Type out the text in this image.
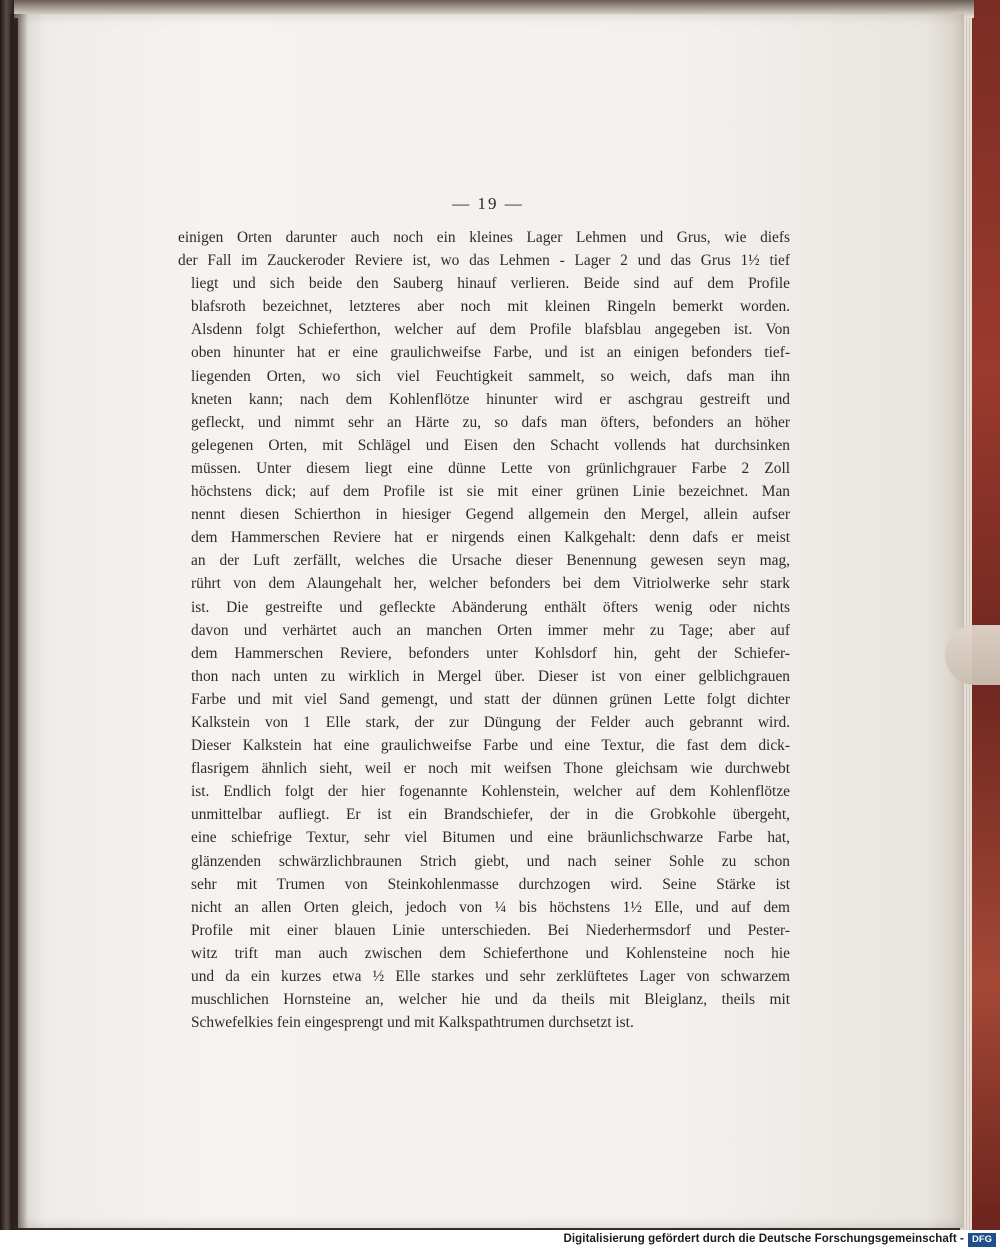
— 19 —
einigen Orten darunter auch noch ein kleines Lager Lehmen und Grus, wie diefs
der Fall im Zauckeroder Reviere ist, wo das Lehmen - Lager 2 und das Grus 1½ tief
liegt und sich beide den Sauberg hinauf verlieren. Beide sind auf dem Profile
blafsroth bezeichnet, letzteres aber noch mit kleinen Ringeln bemerkt worden.
Alsdenn folgt Schieferthon, welcher auf dem Profile blafsblau angegeben ist. Von
oben hinunter hat er eine graulichweifse Farbe, und ist an einigen befonders tief-
liegenden Orten, wo sich viel Feuchtigkeit sammelt, so weich, dafs man ihn
kneten kann; nach dem Kohlenflötze hinunter wird er aschgrau gestreift und
gefleckt, und nimmt sehr an Härte zu, so dafs man öfters, befonders an höher
gelegenen Orten, mit Schlägel und Eisen den Schacht vollends hat durchsinken
müssen. Unter diesem liegt eine dünne Lette von grünlichgrauer Farbe 2 Zoll
höchstens dick; auf dem Profile ist sie mit einer grünen Linie bezeichnet. Man
nennt diesen Schierthon in hiesiger Gegend allgemein den Mergel, allein aufser
dem Hammerschen Reviere hat er nirgends einen Kalkgehalt: denn dafs er meist
an der Luft zerfällt, welches die Ursache dieser Benennung gewesen seyn mag,
rührt von dem Alaungehalt her, welcher befonders bei dem Vitriolwerke sehr stark
ist. Die gestreifte und gefleckte Abänderung enthält öfters wenig oder nichts
davon und verhärtet auch an manchen Orten immer mehr zu Tage; aber auf
dem Hammerschen Reviere, befonders unter Kohlsdorf hin, geht der Schiefer-
thon nach unten zu wirklich in Mergel über. Dieser ist von einer gelblichgrauen
Farbe und mit viel Sand gemengt, und statt der dünnen grünen Lette folgt dichter
Kalkstein von 1 Elle stark, der zur Düngung der Felder auch gebrannt wird.
Dieser Kalkstein hat eine graulichweifse Farbe und eine Textur, die fast dem dick-
flasrigem ähnlich sieht, weil er noch mit weifsen Thone gleichsam wie durchwebt
ist. Endlich folgt der hier fogenannte Kohlenstein, welcher auf dem Kohlenflötze
unmittelbar aufliegt. Er ist ein Brandschiefer, der in die Grobkohle übergeht,
eine schiefrige Textur, sehr viel Bitumen und eine bräunlichschwarze Farbe hat,
glänzenden schwärzlichbraunen Strich giebt, und nach seiner Sohle zu schon
sehr mit Trumen von Steinkohlenmasse durchzogen wird. Seine Stärke ist
nicht an allen Orten gleich, jedoch von ¼ bis höchstens 1½ Elle, und auf dem
Profile mit einer blauen Linie unterschieden. Bei Niederhermsdorf und Pester-
witz trift man auch zwischen dem Schieferthone und Kohlensteine noch hie
und da ein kurzes etwa ½ Elle starkes und sehr zerklüftetes Lager von schwarzem
muschlichen Hornsteine an, welcher hie und da theils mit Bleiglanz, theils mit
Schwefelkies fein eingesprengt und mit Kalkspathtrumen durchsetzt ist.
Digitalisierung gefördert durch die Deutsche Forschungsgemeinschaft - DFG
